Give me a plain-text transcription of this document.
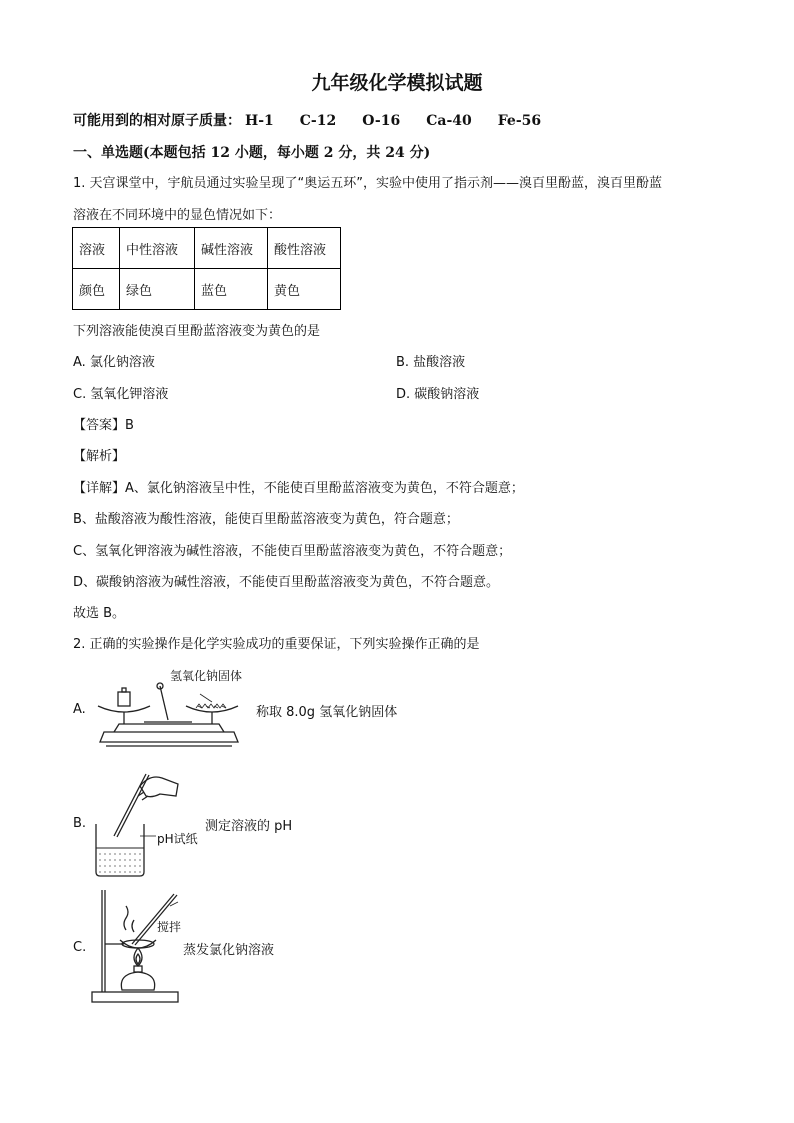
九年级化学模拟试题
可能用到的相对原子质量： H-1 C-12 O-16 Ca-40 Fe-56
一、单选题(本题包括 12 小题，每小题 2 分，共 24 分)
1. 天宫课堂中，宇航员通过实验呈现了“奥运五环”，实验中使用了指示剂——溴百里酚蓝，溴百里酚蓝
溶液在不同环境中的显色情况如下：
溶液	中性溶液	碱性溶液	酸性溶液
颜色	绿色	蓝色	黄色
下列溶液能使溴百里酚蓝溶液变为黄色的是
A. 氯化钠溶液	B. 盐酸溶液
C. 氢氧化钾溶液	D. 碳酸钠溶液
【答案】B
【解析】
【详解】A、氯化钠溶液呈中性，不能使百里酚蓝溶液变为黄色，不符合题意；
B、盐酸溶液为酸性溶液，能使百里酚蓝溶液变为黄色，符合题意；
C、氢氧化钾溶液为碱性溶液，不能使百里酚蓝溶液变为黄色，不符合题意；
D、碳酸钠溶液为碱性溶液，不能使百里酚蓝溶液变为黄色，不符合题意。
故选 B。
2. 正确的实验操作是化学实验成功的重要保证，下列实验操作正确的是
A.
氢氧化钠固体
称取 8.0g 氢氧化钠固体
B.
pH试纸
测定溶液的 pH
C.
搅拌
蒸发氯化钠溶液
